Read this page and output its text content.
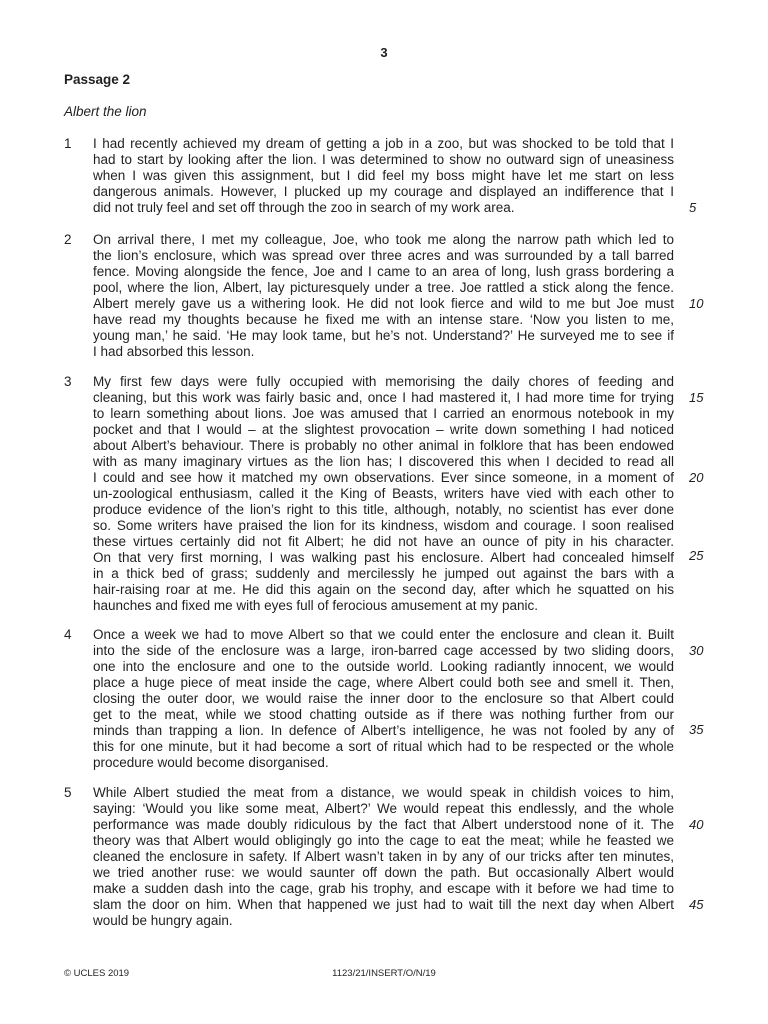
3
Passage 2
Albert the lion
1 I had recently achieved my dream of getting a job in a zoo, but was shocked to be told that I
had to start by looking after the lion. I was determined to show no outward sign of uneasiness
when I was given this assignment, but I did feel my boss might have let me start on less
dangerous animals. However, I plucked up my courage and displayed an indifference that I
did not truly feel and set off through the zoo in search of my work area.
2 On arrival there, I met my colleague, Joe, who took me along the narrow path which led to
the lion’s enclosure, which was spread over three acres and was surrounded by a tall barred
fence. Moving alongside the fence, Joe and I came to an area of long, lush grass bordering a
pool, where the lion, Albert, lay picturesquely under a tree. Joe rattled a stick along the fence.
Albert merely gave us a withering look. He did not look fierce and wild to me but Joe must
have read my thoughts because he fixed me with an intense stare. ‘Now you listen to me,
young man,’ he said. ‘He may look tame, but he’s not. Understand?’ He surveyed me to see if
I had absorbed this lesson.
3 My first few days were fully occupied with memorising the daily chores of feeding and
cleaning, but this work was fairly basic and, once I had mastered it, I had more time for trying
to learn something about lions. Joe was amused that I carried an enormous notebook in my
pocket and that I would – at the slightest provocation – write down something I had noticed
about Albert’s behaviour. There is probably no other animal in folklore that has been endowed
with as many imaginary virtues as the lion has; I discovered this when I decided to read all
I could and see how it matched my own observations. Ever since someone, in a moment of
un-zoological enthusiasm, called it the King of Beasts, writers have vied with each other to
produce evidence of the lion’s right to this title, although, notably, no scientist has ever done
so. Some writers have praised the lion for its kindness, wisdom and courage. I soon realised
these virtues certainly did not fit Albert; he did not have an ounce of pity in his character.
On that very first morning, I was walking past his enclosure. Albert had concealed himself
in a thick bed of grass; suddenly and mercilessly he jumped out against the bars with a
hair-raising roar at me. He did this again on the second day, after which he squatted on his
haunches and fixed me with eyes full of ferocious amusement at my panic.
4 Once a week we had to move Albert so that we could enter the enclosure and clean it. Built
into the side of the enclosure was a large, iron-barred cage accessed by two sliding doors,
one into the enclosure and one to the outside world. Looking radiantly innocent, we would
place a huge piece of meat inside the cage, where Albert could both see and smell it. Then,
closing the outer door, we would raise the inner door to the enclosure so that Albert could
get to the meat, while we stood chatting outside as if there was nothing further from our
minds than trapping a lion. In defence of Albert’s intelligence, he was not fooled by any of
this for one minute, but it had become a sort of ritual which had to be respected or the whole
procedure would become disorganised.
5 While Albert studied the meat from a distance, we would speak in childish voices to him,
saying: ‘Would you like some meat, Albert?’ We would repeat this endlessly, and the whole
performance was made doubly ridiculous by the fact that Albert understood none of it. The
theory was that Albert would obligingly go into the cage to eat the meat; while he feasted we
cleaned the enclosure in safety. If Albert wasn’t taken in by any of our tricks after ten minutes,
we tried another ruse: we would saunter off down the path. But occasionally Albert would
make a sudden dash into the cage, grab his trophy, and escape with it before we had time to
slam the door on him. When that happened we just had to wait till the next day when Albert
would be hungry again.
5
10
15
20
25
30
35
40
45
© UCLES 2019	1123/21/INSERT/O/N/19
